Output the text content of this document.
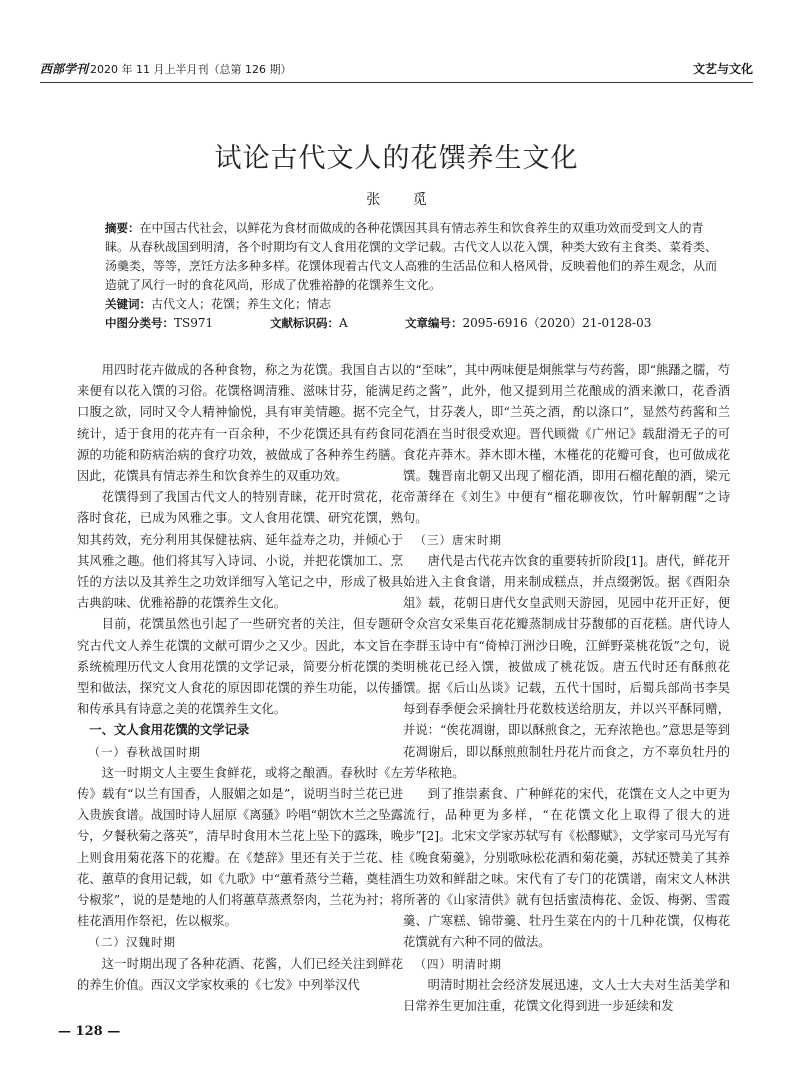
西部学刊 2020 年 11 月上半月刊（总第 126 期）	文艺与文化
试论古代文人的花馔养生文化
张 觅

摘要：在中国古代社会，以鲜花为食材而做成的各种花馔因其具有情志养生和饮食养生的双重功效而受到文人的青睐。从春秋战国到明清，各个时期均有文人食用花馔的文学记载。古代文人以花入馔，种类大致有主食类、菜肴类、汤羹类，等等，烹饪方法多种多样。花馔体现着古代文人高雅的生活品位和人格风骨，反映着他们的养生观念，从而造就了风行一时的食花风尚，形成了优雅裕静的花馔养生文化。

关键词：古代文人；花馔；养生文化；情志

中图分类号：TS971	文献标识码：A	文章编号：2095-6916（2020）21-0128-03

用四时花卉做成的各种食物，称之为花馔。我国自古以来便有以花入馔的习俗。花馔格调清雅、滋味甘芬，能满足口腹之欲，同时又令人精神愉悦，具有审美情趣。据不完全统计，适于食用的花卉有一百余种，不少花馔还具有药食同源的功能和防病治病的食疗功效，被做成了各种养生药膳。因此，花馔具有情志养生和饮食养生的双重功效。

花馔得到了我国古代文人的特别青睐，花开时赏花，花落时食花，已成为风雅之事。文人食用花馔、研究花馔，熟知其药效，充分利用其保健祛病、延年益寿之功，并倾心于其风雅之趣。他们将其写入诗词、小说，并把花馔加工、烹饪的方法以及其养生之功效详细写入笔记之中，形成了极具古典韵味、优雅裕静的花馔养生文化。

目前，花馔虽然也引起了一些研究者的关注，但专题研究古代文人养生花馔的文献可谓少之又少。因此，本文旨在系统梳理历代文人食用花馔的文学记录，简要分析花馔的类型和做法，探究文人食花的原因即花馔的养生功能，以传播和传承具有诗意之美的花馔养生文化。

一、文人食用花馔的文学记录
（一）春秋战国时期

这一时期文人主要生食鲜花，或将之酿酒。春秋时《左传》载有“以兰有国香，人服媚之如是”，说明当时兰花已进入贵族食谱。战国时诗人屈原《离骚》吟唱“朝饮木兰之坠露兮，夕餐秋菊之落英”，清早时食用木兰花上坠下的露珠，晚上则食用菊花落下的花瓣。在《楚辞》里还有关于兰花、桂花、蕙草的食用记载，如《九歌》中“蕙肴蒸兮兰藉，奠桂酒兮椒浆”，说的是楚地的人们将蕙草蒸煮祭肉，兰花为衬；将桂花酒用作祭祀，佐以椒浆。

（二）汉魏时期

这一时期出现了各种花酒、花酱，人们已经关注到鲜花的养生价值。西汉文学家枚乘的《七发》中列举汉代

的“至味”，其中两味便是炯熊掌与芍药酱，即“熊蹯之臑，芍药之酱”，此外，他又提到用兰花酿成的酒来漱口，花香酒气，甘芬袭人，即“兰英之酒，酌以涤口”，显然芍药酱和兰花酒在当时很受欢迎。晋代顾微《广州记》载甜滑无子的可食花卉莽木。莽木即木槿，木槿花的花瓣可食，也可做成花馔。魏晋南北朝又出现了榴花酒，即用石榴花酿的酒，梁元帝萧绎在《刘生》中便有“榴花聊夜饮，竹叶解朝醒”之诗句。

（三）唐宋时期

唐代是古代花卉饮食的重要转折阶段[1]。唐代，鲜花开始进入主食食谱，用来制成糕点，并点缀粥饭。据《酉阳杂俎》载，花朝日唐代女皇武则天游园，见园中花开正好，便令众宫女采集百花花瓣蒸制成甘芬馥郁的百花糕。唐代诗人李群玉诗中有“倚棹汀洲沙日晚，江鲜野菜桃花饭”之句，说明桃花已经入馔，被做成了桃花饭。唐五代时还有酥煎花馔。据《后山丛谈》记载，五代十国时，后蜀兵部尚书李昊每到春季便会采摘牡丹花数枝送给朋友，并以兴平酥同赠，并说：“俟花凋谢，即以酥煎食之，无弃浓艳也。”意思是等到花凋谢后，即以酥煎煎制牡丹花片而食之，方不辜负牡丹的芳华秾艳。

到了推崇素食、广种鲜花的宋代，花馔在文人之中更为流行，品种更为多样，“在花馔文化上取得了很大的进步”[2]。北宋文学家苏轼写有《松醪赋》，文学家司马光写有《晚食菊羹》，分别歌咏松花酒和菊花羹，苏轼还赞美了其养生功效和鲜甜之味。宋代有了专门的花馔谱，南宋文人林洪所著的《山家清供》就有包括蜜渍梅花、金饭、梅粥、雪霞羹、广寒糕、锦带羹、牡丹生菜在内的十几种花馔，仅梅花花馔就有六种不同的做法。

（四）明清时期

明清时期社会经济发展迅速，文人士大夫对生活美学和日常养生更加注重，花馔文化得到进一步延续和发

— 128 —
